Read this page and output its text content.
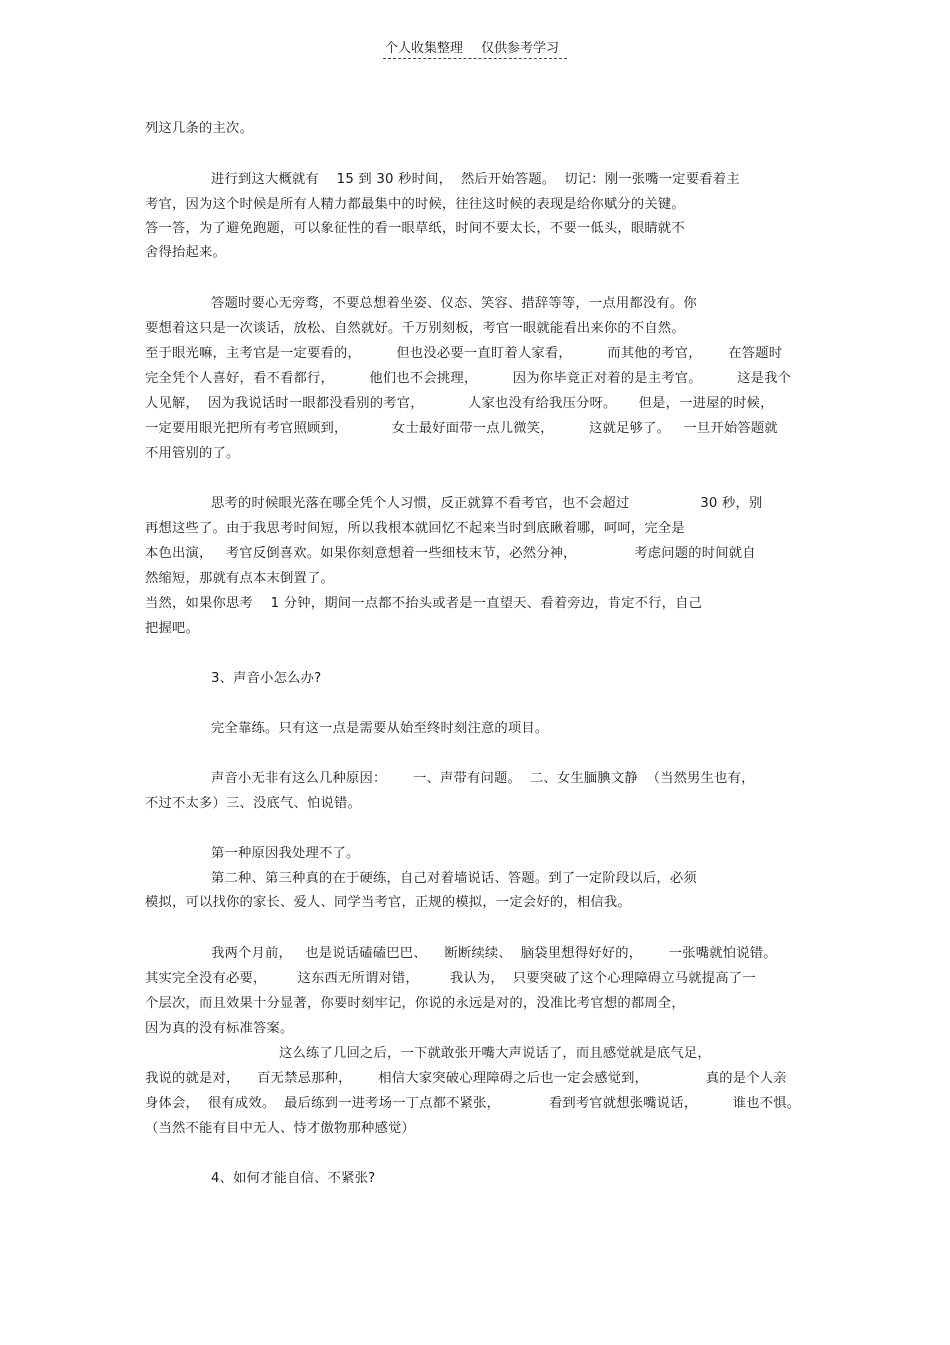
个人收集整理 仅供参考学习
列这几条的主次。
进行到这大概就有    15 到 30 秒时间，  然后开始答题。  切记：刚一张嘴一定要看着主
考官，因为这个时候是所有人精力都最集中的时候，往往这时候的表现是给你赋分的关键。
答一答，为了避免跑题，可以象征性的看一眼草纸，时间不要太长，不要一低头，眼睛就不
舍得抬起来。
答题时要心无旁骛，不要总想着坐姿、仪态、笑容、措辞等等，一点用都没有。你
要想着这只是一次谈话，放松、自然就好。千万别刻板，考官一眼就能看出来你的不自然。
至于眼光嘛，主考官是一定要看的，        但也没必要一直盯着人家看，        而其他的考官，      在答题时
完全凭个人喜好，看不看都行，        他们也不会挑理，        因为你毕竟正对着的是主考官。        这是我个
人见解，  因为我说话时一眼都没看别的考官，          人家也没有给我压分呀。     但是，一进屋的时候，
一定要用眼光把所有考官照顾到，          女士最好面带一点儿微笑，        这就足够了。   一旦开始答题就
不用管别的了。
思考的时候眼光落在哪全凭个人习惯，反正就算不看考官，也不会超过                30 秒，别
再想这些了。由于我思考时间短，所以我根本就回忆不起来当时到底瞅着哪，呵呵，完全是
本色出演，   考官反倒喜欢。如果你刻意想着一些细枝末节，必然分神，             考虑问题的时间就自
然缩短，那就有点本末倒置了。
当然，如果你思考    1 分钟，期间一点都不抬头或者是一直望天、看着旁边，肯定不行，自己
把握吧。
3、声音小怎么办?
完全靠练。只有这一点是需要从始至终时刻注意的项目。
声音小无非有这么几种原因：      一、声带有问题。  二、女生腼腆文静  （当然男生也有，
不过不太多）三、没底气、怕说错。
第一种原因我处理不了。
第二种、第三种真的在于硬练，自己对着墙说话、答题。到了一定阶段以后，必须
模拟，可以找你的家长、爱人、同学当考官，正规的模拟，一定会好的，相信我。
我两个月前，   也是说话磕磕巴巴、    断断续续、  脑袋里想得好好的，      一张嘴就怕说错。
其实完全没有必要，       这东西无所谓对错，       我认为，  只要突破了这个心理障碍立马就提高了一
个层次，而且效果十分显著，你要时刻牢记，你说的永远是对的，没准比考官想的都周全，
因为真的没有标准答案。
这么练了几回之后，一下就敢张开嘴大声说话了，而且感觉就是底气足，
我说的就是对，    百无禁忌那种，      相信大家突破心理障碍之后也一定会感觉到，             真的是个人亲
身体会，  很有成效。  最后练到一进考场一丁点都不紧张，           看到考官就想张嘴说话，        谁也不惧。
（当然不能有目中无人、恃才傲物那种感觉）
4、如何才能自信、不紧张?
